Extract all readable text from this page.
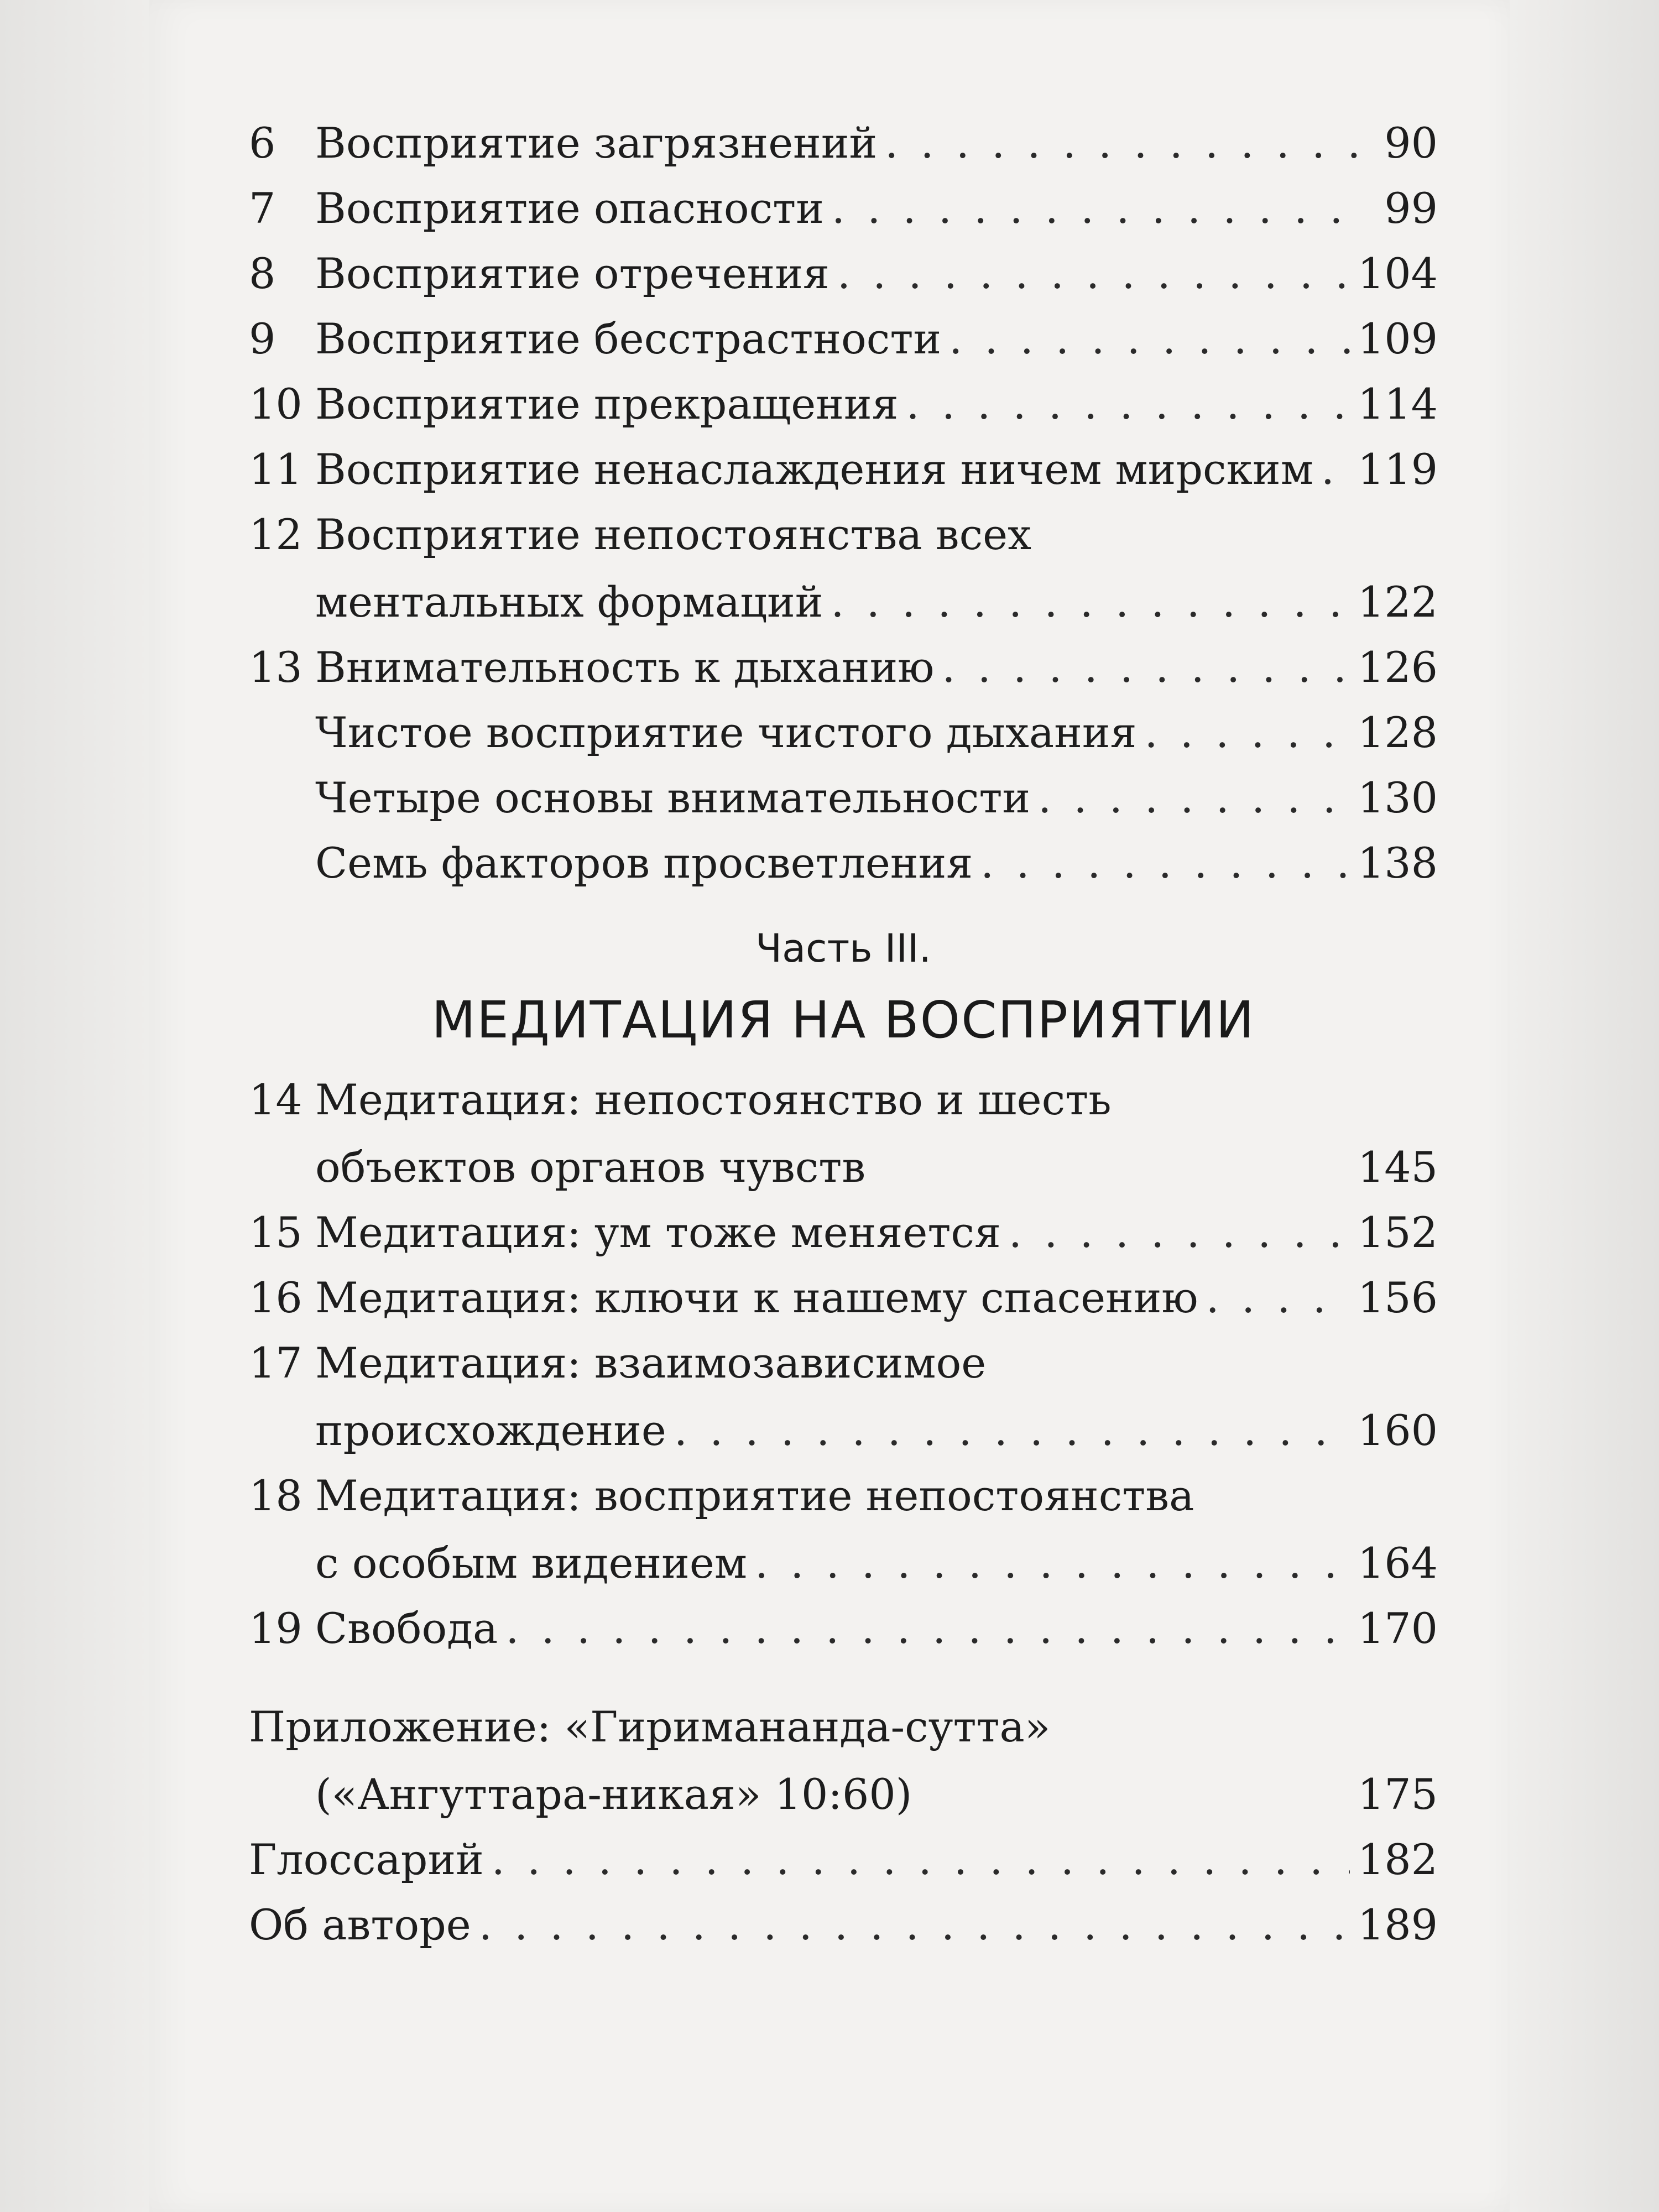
6 Восприятие загрязнений . . .	90
7 Восприятие опасности . . .	99
8 Восприятие отречения . . .	104
9 Восприятие бесстрастности . . .	109
10 Восприятие прекращения . . .	114
11 Восприятие ненаслаждения ничем мирским . . . 119
12 Восприятие непостоянства всех
ментальных формаций . . .	122
13 Внимательность к дыханию . . .	126
Чистое восприятие чистого дыхания . . .	128
Четыре основы внимательности . . .	130
Семь факторов просветления . . .	138
Часть III.
МЕДИТАЦИЯ НА ВОСПРИЯТИИ
14 Медитация: непостоянство и шесть
объектов органов чувств	145
15 Медитация: ум тоже меняется . . .	152
16 Медитация: ключи к нашему спасению . . .	156
17 Медитация: взаимозависимое
происхождение . . .	160
18 Медитация: восприятие непостоянства
с особым видением . . .	164
19 Свобода . . .	170
Приложение: «Гиримананда-сутта»
(«Ангуттара-никая» 10:60)	175
Глоссарий . . .	182
Об авторе . . .	189
